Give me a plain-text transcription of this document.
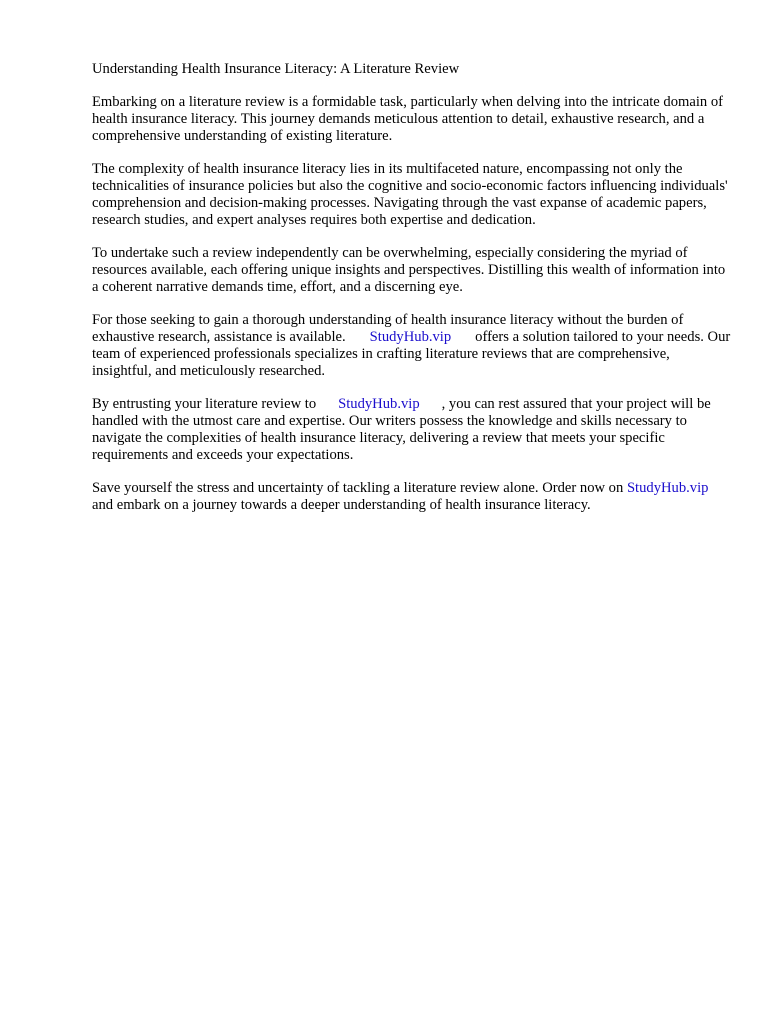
Understanding Health Insurance Literacy: A Literature Review

Embarking on a literature review is a formidable task, particularly when delving into the intricate domain of health insurance literacy. This journey demands meticulous attention to detail, exhaustive research, and a comprehensive understanding of existing literature.

The complexity of health insurance literacy lies in its multifaceted nature, encompassing not only the technicalities of insurance policies but also the cognitive and socio-economic factors influencing individuals' comprehension and decision-making processes. Navigating through the vast expanse of academic papers, research studies, and expert analyses requires both expertise and dedication.

To undertake such a review independently can be overwhelming, especially considering the myriad of resources available, each offering unique insights and perspectives. Distilling this wealth of information into a coherent narrative demands time, effort, and a discerning eye.

For those seeking to gain a thorough understanding of health insurance literacy without the burden of exhaustive research, assistance is available. StudyHub.vip offers a solution tailored to your needs. Our team of experienced professionals specializes in crafting literature reviews that are comprehensive, insightful, and meticulously researched.

By entrusting your literature review to StudyHub.vip , you can rest assured that your project will be handled with the utmost care and expertise. Our writers possess the knowledge and skills necessary to navigate the complexities of health insurance literacy, delivering a review that meets your specific requirements and exceeds your expectations.

Save yourself the stress and uncertainty of tackling a literature review alone. Order now on StudyHub.vipand embark on a journey towards a deeper understanding of health insurance literacy.
